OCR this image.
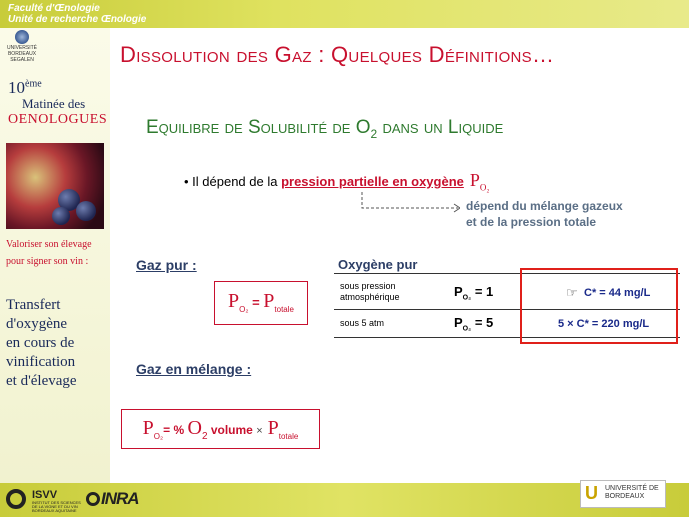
Faculté d'Œnologie
Unité de recherche Œnologie
UNIVERSITÉ BORDEAUX SEGALEN
10ème
Matinée des
OENOLOGUES
Valoriser son élevage
pour signer son vin :
Transfert
d'oxygène
en cours de
vinification
et d'élevage
Dissolution des Gaz : Quelques Définitions…
Equilibre de Solubilité de $O_2$ dans un Liquide
• Il dépend de la pression partielle en oxygène $P_{O_2}$
dépend du mélange gazeux
et de la pression totale
Gaz pur :
$P_{O_2} = P_{totale}$
Gaz en mélange :
$P_{O_2}=$ % $O_2$ volume × $P_{totale}$
Oxygène pur
sous pression
atmosphérique	$P_{O_2} = 1$	☞ C* = 44 mg/L
sous 5 atm	$P_{O_2} = 5$	5 × C* = 220 mg/L
ISVV
INSTITUT DES SCIENCES DE LA VIGNE ET DU VIN BORDEAUX AQUITAINE
INRA	U	UNIVERSITÉ DE
BORDEAUX
